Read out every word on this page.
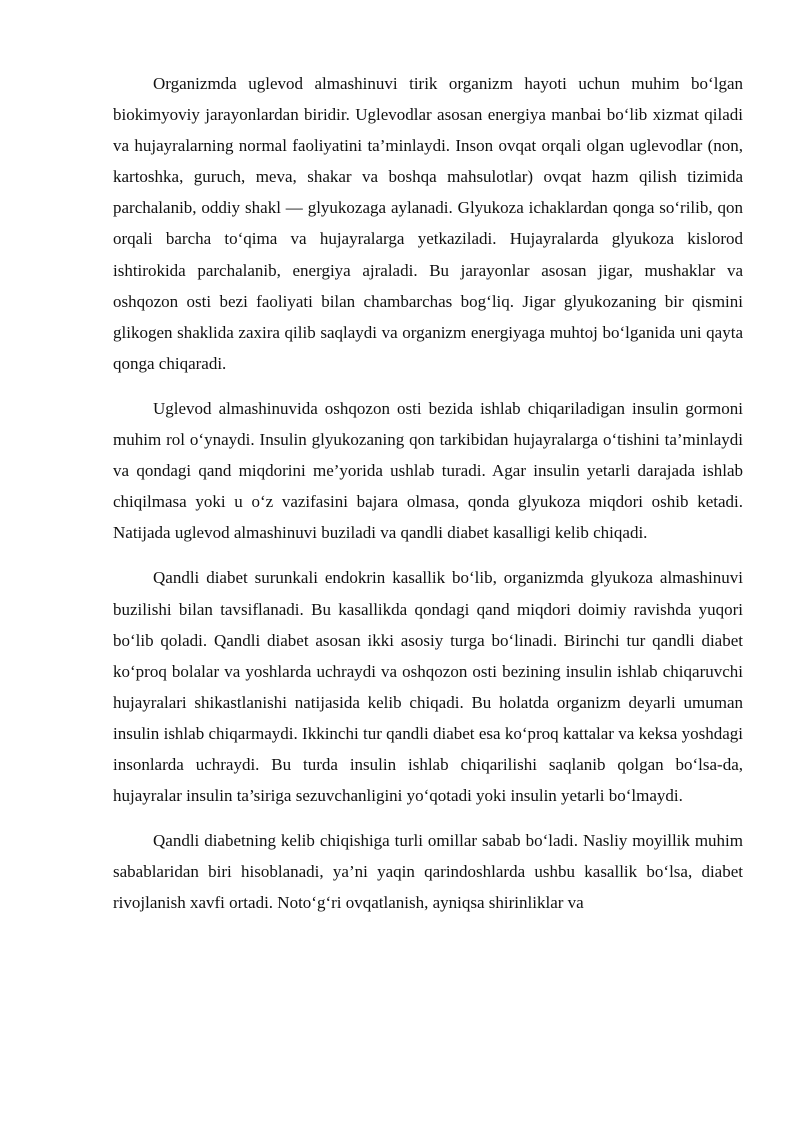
Organizmda uglevod almashinuvi tirik organizm hayoti uchun muhim bo‘lgan biokimyoviy jarayonlardan biridir. Uglevodlar asosan energiya manbai bo‘lib xizmat qiladi va hujayralarning normal faoliyatini ta’minlaydi. Inson ovqat orqali olgan uglevodlar (non, kartoshka, guruch, meva, shakar va boshqa mahsulotlar) ovqat hazm qilish tizimida parchalanib, oddiy shakl — glyukozaga aylanadi. Glyukoza ichaklardan qonga so‘rilib, qon orqali barcha to‘qima va hujayralarga yetkaziladi. Hujayralarda glyukoza kislorod ishtirokida parchalanib, energiya ajraladi. Bu jarayonlar asosan jigar, mushaklar va oshqozon osti bezi faoliyati bilan chambarchas bog‘liq. Jigar glyukozaning bir qismini glikogen shaklida zaxira qilib saqlaydi va organizm energiyaga muhtoj bo‘lganida uni qayta qonga chiqaradi.

Uglevod almashinuvida oshqozon osti bezida ishlab chiqariladigan insulin gormoni muhim rol o‘ynaydi. Insulin glyukozaning qon tarkibidan hujayralarga o‘tishini ta’minlaydi va qondagi qand miqdorini me’yorida ushlab turadi. Agar insulin yetarli darajada ishlab chiqilmasa yoki u o‘z vazifasini bajara olmasa, qonda glyukoza miqdori oshib ketadi. Natijada uglevod almashinuvi buziladi va qandli diabet kasalligi kelib chiqadi.

Qandli diabet surunkali endokrin kasallik bo‘lib, organizmda glyukoza almashinuvi buzilishi bilan tavsiflanadi. Bu kasallikda qondagi qand miqdori doimiy ravishda yuqori bo‘lib qoladi. Qandli diabet asosan ikki asosiy turga bo‘linadi. Birinchi tur qandli diabet ko‘proq bolalar va yoshlarda uchraydi va oshqozon osti bezining insulin ishlab chiqaruvchi hujayralari shikastlanishi natijasida kelib chiqadi. Bu holatda organizm deyarli umuman insulin ishlab chiqarmaydi. Ikkinchi tur qandli diabet esa ko‘proq kattalar va keksa yoshdagi insonlarda uchraydi. Bu turda insulin ishlab chiqarilishi saqlanib qolgan bo‘lsa-da, hujayralar insulin ta’siriga sezuvchanligini yo‘qotadi yoki insulin yetarli bo‘lmaydi.

Qandli diabetning kelib chiqishiga turli omillar sabab bo‘ladi. Nasliy moyillik muhim sabablaridan biri hisoblanadi, ya’ni yaqin qarindoshlarda ushbu kasallik bo‘lsa, diabet rivojlanish xavfi ortadi. Noto‘g‘ri ovqatlanish, ayniqsa shirinliklar va
